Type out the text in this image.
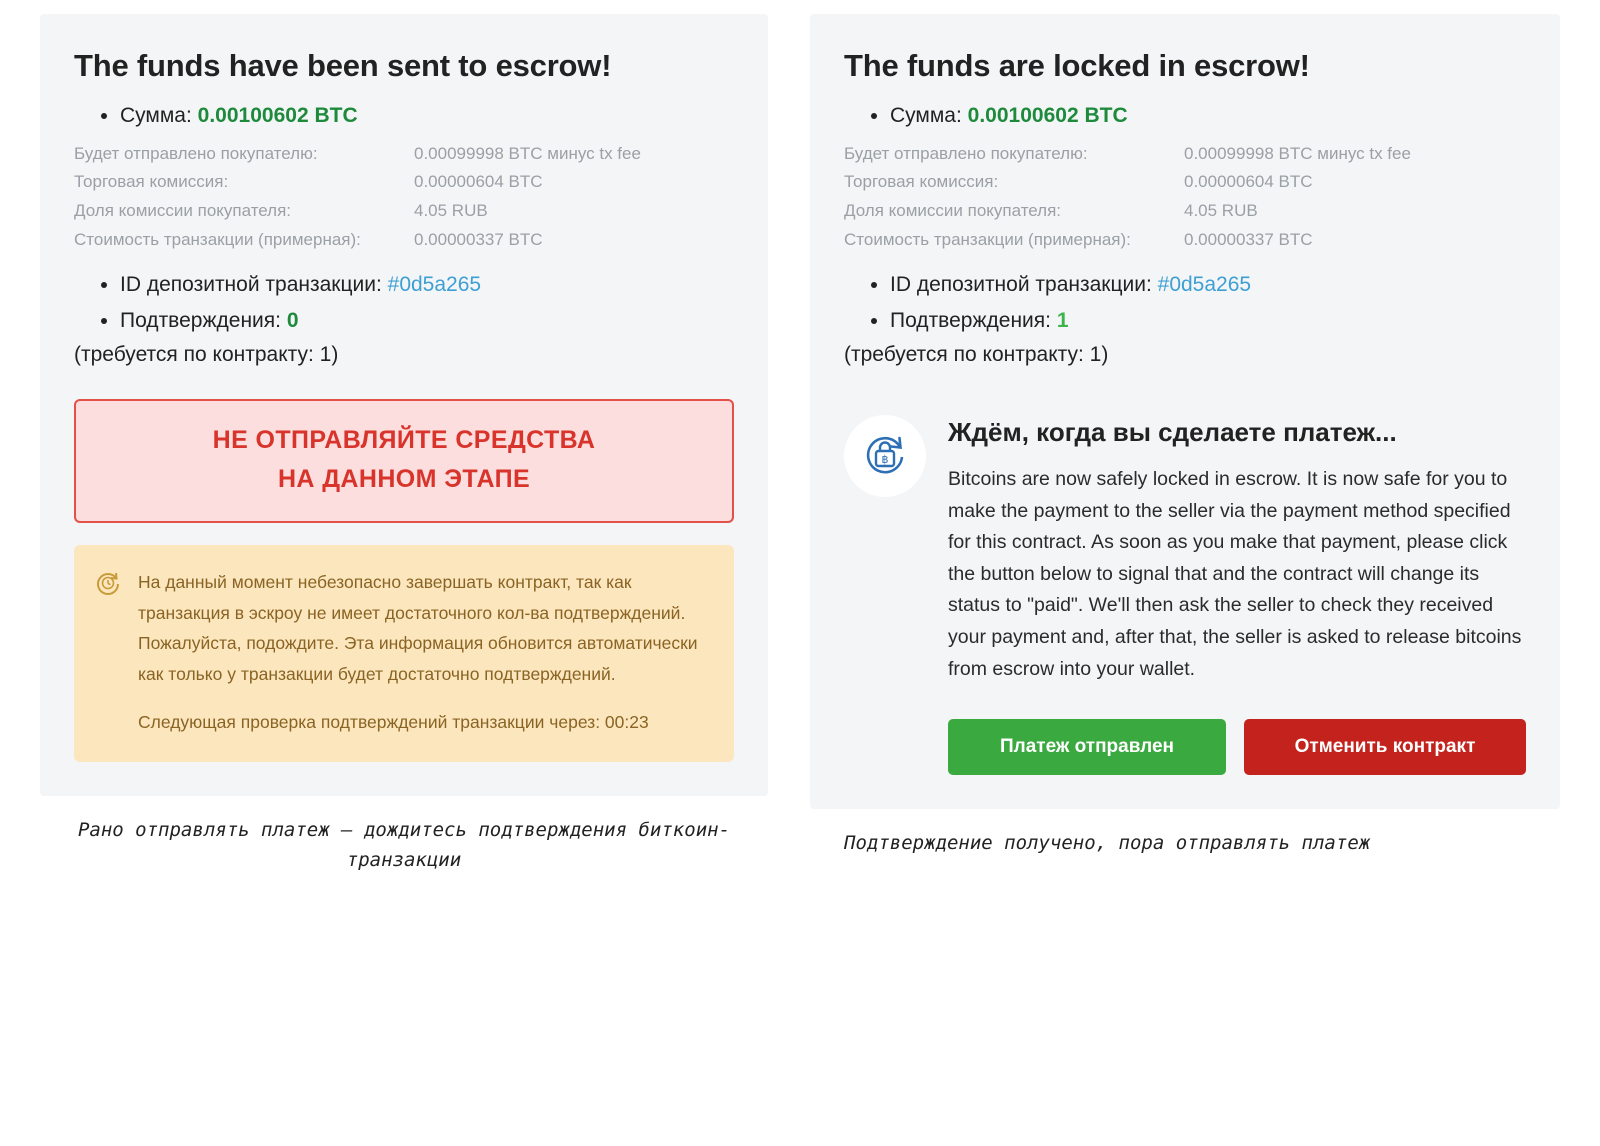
The funds have been sent to escrow!
• Сумма: 0.00100602 BTC
Будет отправлено покупателю:	0.00099998 BTC минус tx fee
Торговая комиссия:	0.00000604 BTC
Доля комиссии покупателя:	4.05 RUB
Стоимость транзакции (примерная):	0.00000337 BTC
• ID депозитной транзакции: #0d5a265
• Подтверждения: 0
(требуется по контракту: 1)
НЕ ОТПРАВЛЯЙТЕ СРЕДСТВА
НА ДАННОМ ЭТАПЕ

На данный момент небезопасно завершать контракт, так как транзакция в эскроу не имеет достаточного кол-ва подтверждений. Пожалуйста, подождите. Эта информация обновится автоматически как только у транзакции будет достаточно подтверждений.

Следующая проверка подтверждений транзакции через: 00:23

Рано отправлять платеж — дождитесь подтверждения биткоин-транзакции
The funds are locked in escrow!
• Сумма: 0.00100602 BTC
Будет отправлено покупателю:	0.00099998 BTC минус tx fee
Торговая комиссия:	0.00000604 BTC
Доля комиссии покупателя:	4.05 RUB
Стоимость транзакции (примерная):	0.00000337 BTC
• ID депозитной транзакции: #0d5a265
• Подтверждения: 1
(требуется по контракту: 1)
฿
Ждём, когда вы сделаете платеж...

Bitcoins are now safely locked in escrow. It is now safe for you to make the payment to the seller via the payment method specified for this contract. As soon as you make that payment, please click the button below to signal that and the contract will change its status to "paid". We'll then ask the seller to check they received your payment and, after that, the seller is asked to release bitcoins from escrow into your wallet.

Платеж отправлен	Отменить контракт
Подтверждение получено, пора отправлять платеж
